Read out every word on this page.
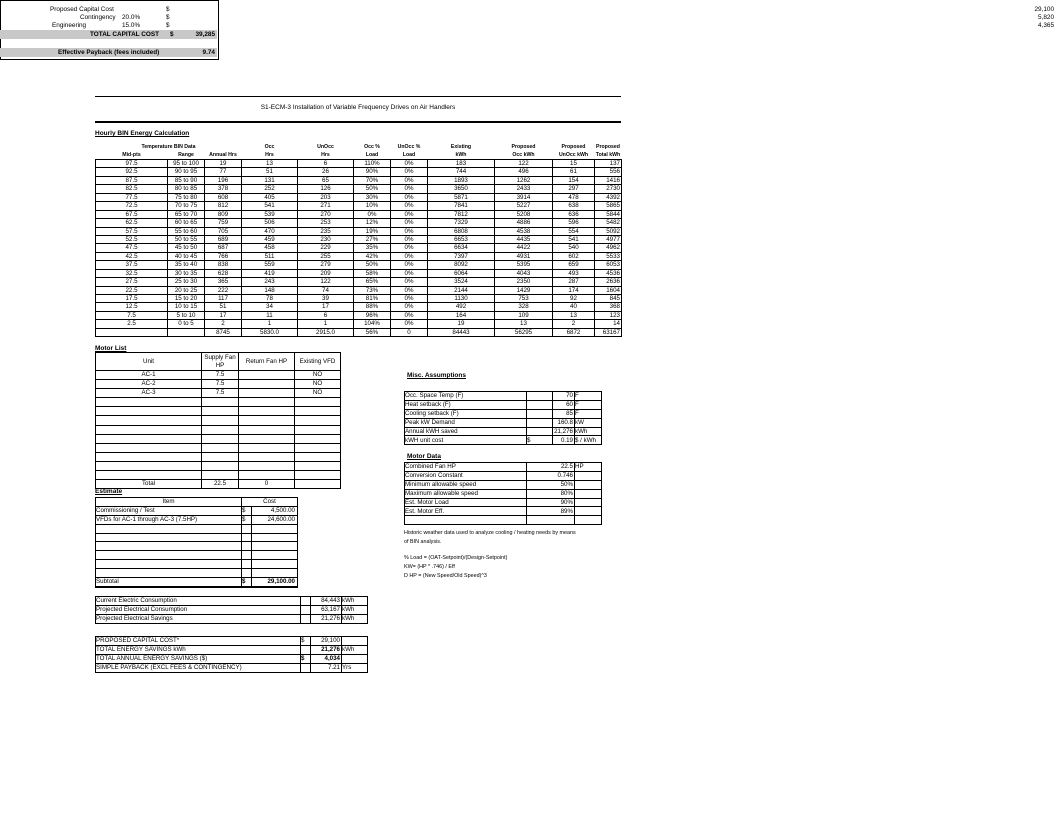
S1-ECM-3 Installation of Variable Frequency Drives on Air Handlers
Hourly BIN Energy Calculation
Temperature BIN Data			Occ	UnOcc	Occ %	UnOcc %	Existing	Proposed	Proposed	Proposed
Mid-pts	Range	Annual Hrs	Hrs	Hrs	Load	Load	kWh	Occ kWh	UnOcc kWh	Total kWh
97.5	95 to 100	19	13	6	110%	0%	183	122	15	137
92.5	90 to 95	77	51	26	90%	0%	744	496	61	556
87.5	85 to 90	196	131	65	70%	0%	1893	1262	154	1416
82.5	80 to 85	378	252	126	50%	0%	3650	2433	297	2730
77.5	75 to 80	608	405	203	30%	0%	5871	3914	478	4392
72.5	70 to 75	812	541	271	10%	0%	7841	5227	638	5865
67.5	65 to 70	809	539	270	0%	0%	7812	5208	636	5844
62.5	60 to 65	759	506	253	12%	0%	7329	4886	596	5482
57.5	55 to 60	705	470	235	19%	0%	6808	4538	554	5092
52.5	50 to 55	689	459	230	27%	0%	6653	4435	541	4977
47.5	45 to 50	687	458	229	35%	0%	6634	4422	540	4962
42.5	40 to 45	766	511	255	42%	0%	7397	4931	602	5533
37.5	35 to 40	838	559	279	50%	0%	8092	5395	659	6053
32.5	30 to 35	628	419	209	58%	0%	6064	4043	493	4536
27.5	25 to 30	365	243	122	65%	0%	3524	2350	287	2636
22.5	20 to 25	222	148	74	73%	0%	2144	1429	174	1604
17.5	15 to 20	117	78	39	81%	0%	1130	753	92	845
12.5	10 to 15	51	34	17	88%	0%	492	328	40	368
7.5	5 to 10	17	11	6	96%	0%	164	109	13	123
2.5	0 to 5	2	1	1	104%	0%	19	13	2	14
		8745	5830.0	2915.0	56%	0	84443	56295	6872	63167
Motor List
Unit	Supply Fan HP	Return Fan HP	Existing VFD
AC-1	7.5		NO
AC-2	7.5		NO
AC-3	7.5		NO

Total	22.5	0	
Estimate
Item	Cost	
Commissioning / Test	$	4,500.00
VFDs for AC-1 through AC-3 (7.5HP)	$	24,600.00

Subtotal	$	29,100.00
Misc. Assumptions
Occ. Space Temp (F)		70	F
Heat setback (F)		60	F
Cooling setback (F)		85	F
Peak kW Demand		160.8	kW
Annual kWH saved		21,276	kWh
kWH unit cost	$	0.19	$ / kWh
Motor Data
Combined Fan HP	22.5	HP
Conversion Constant	0.746	
Minimum allowable speed	50%	
Maximum allowable speed	80%	
Est. Motor Load	90%	
Est. Motor Eff.	89%	

Historic weather data used to analyze cooling / heating needs by means
of BIN analysis.
% Load = (OAT-Setpoint)/(Design-Setpoint)
KW= (HP * .746) / Eff
D HP = (New Speed/Old Speed)^3
Current Electric Consumption		84,443	kWh
Projected Electrical Consumption		63,167	kWh
Projected Electrical Savings		21,276	kWh

PROPOSED CAPITAL COST*	$	29,100	
TOTAL ENERGY SAVINGS kWh		21,276	kWh
TOTAL ANNUAL ENERGY SAVINGS ($)	$	4,034	
SIMPLE PAYBACK (EXCL FEES & CONTINGENCY)		7.21	Yrs
Proposed Capital Cost	$	29,100
Contingency 20.0%	$	5,820
Engineering	15.0%	$	4,365
TOTAL CAPITAL COST $	39,285
Effective Payback (fees included)	9.74
